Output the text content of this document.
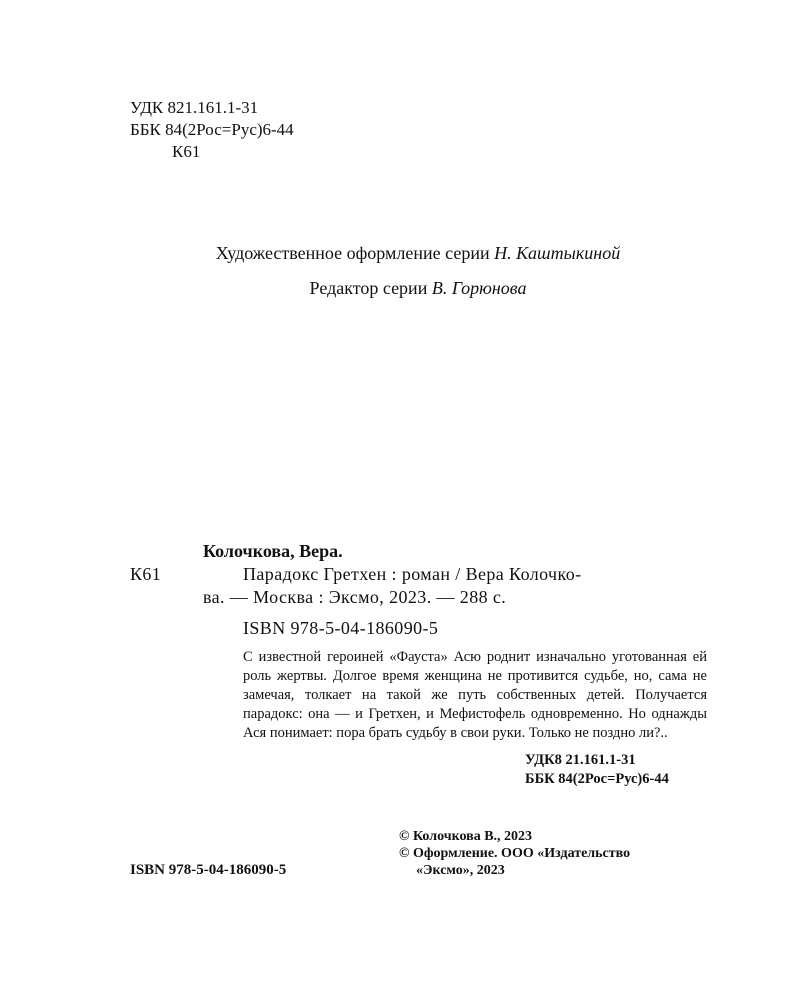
УДК 821.161.1-31
ББК 84(2Рос=Рус)6-44
К61
Художественное оформление серии Н. Каштыкиной
Редактор серии В. Горюнова
Колочкова, Вера.
К61	Парадокс Гретхен : роман / Вера Колочко-
ва. — Москва : Эксмо, 2023. — 288 с.
ISBN 978-5-04-186090-5

С известной героиней «Фауста» Асю роднит изначально уготованная ей роль жертвы. Долгое время женщина не противится судьбе, но, сама не замечая, толкает на такой же путь собственных детей. Получается парадокс: она — и Гретхен, и Мефистофель одновременно. Но однажды Ася понимает: пора брать судьбу в свои руки. Только не поздно ли?..

УДК8 21.161.1-31
ББК 84(2Рос=Рус)6-44
ISBN 978-5-04-186090-5
© Колочкова В., 2023
© Оформление. ООО «Издательство
«Эксмо», 2023
